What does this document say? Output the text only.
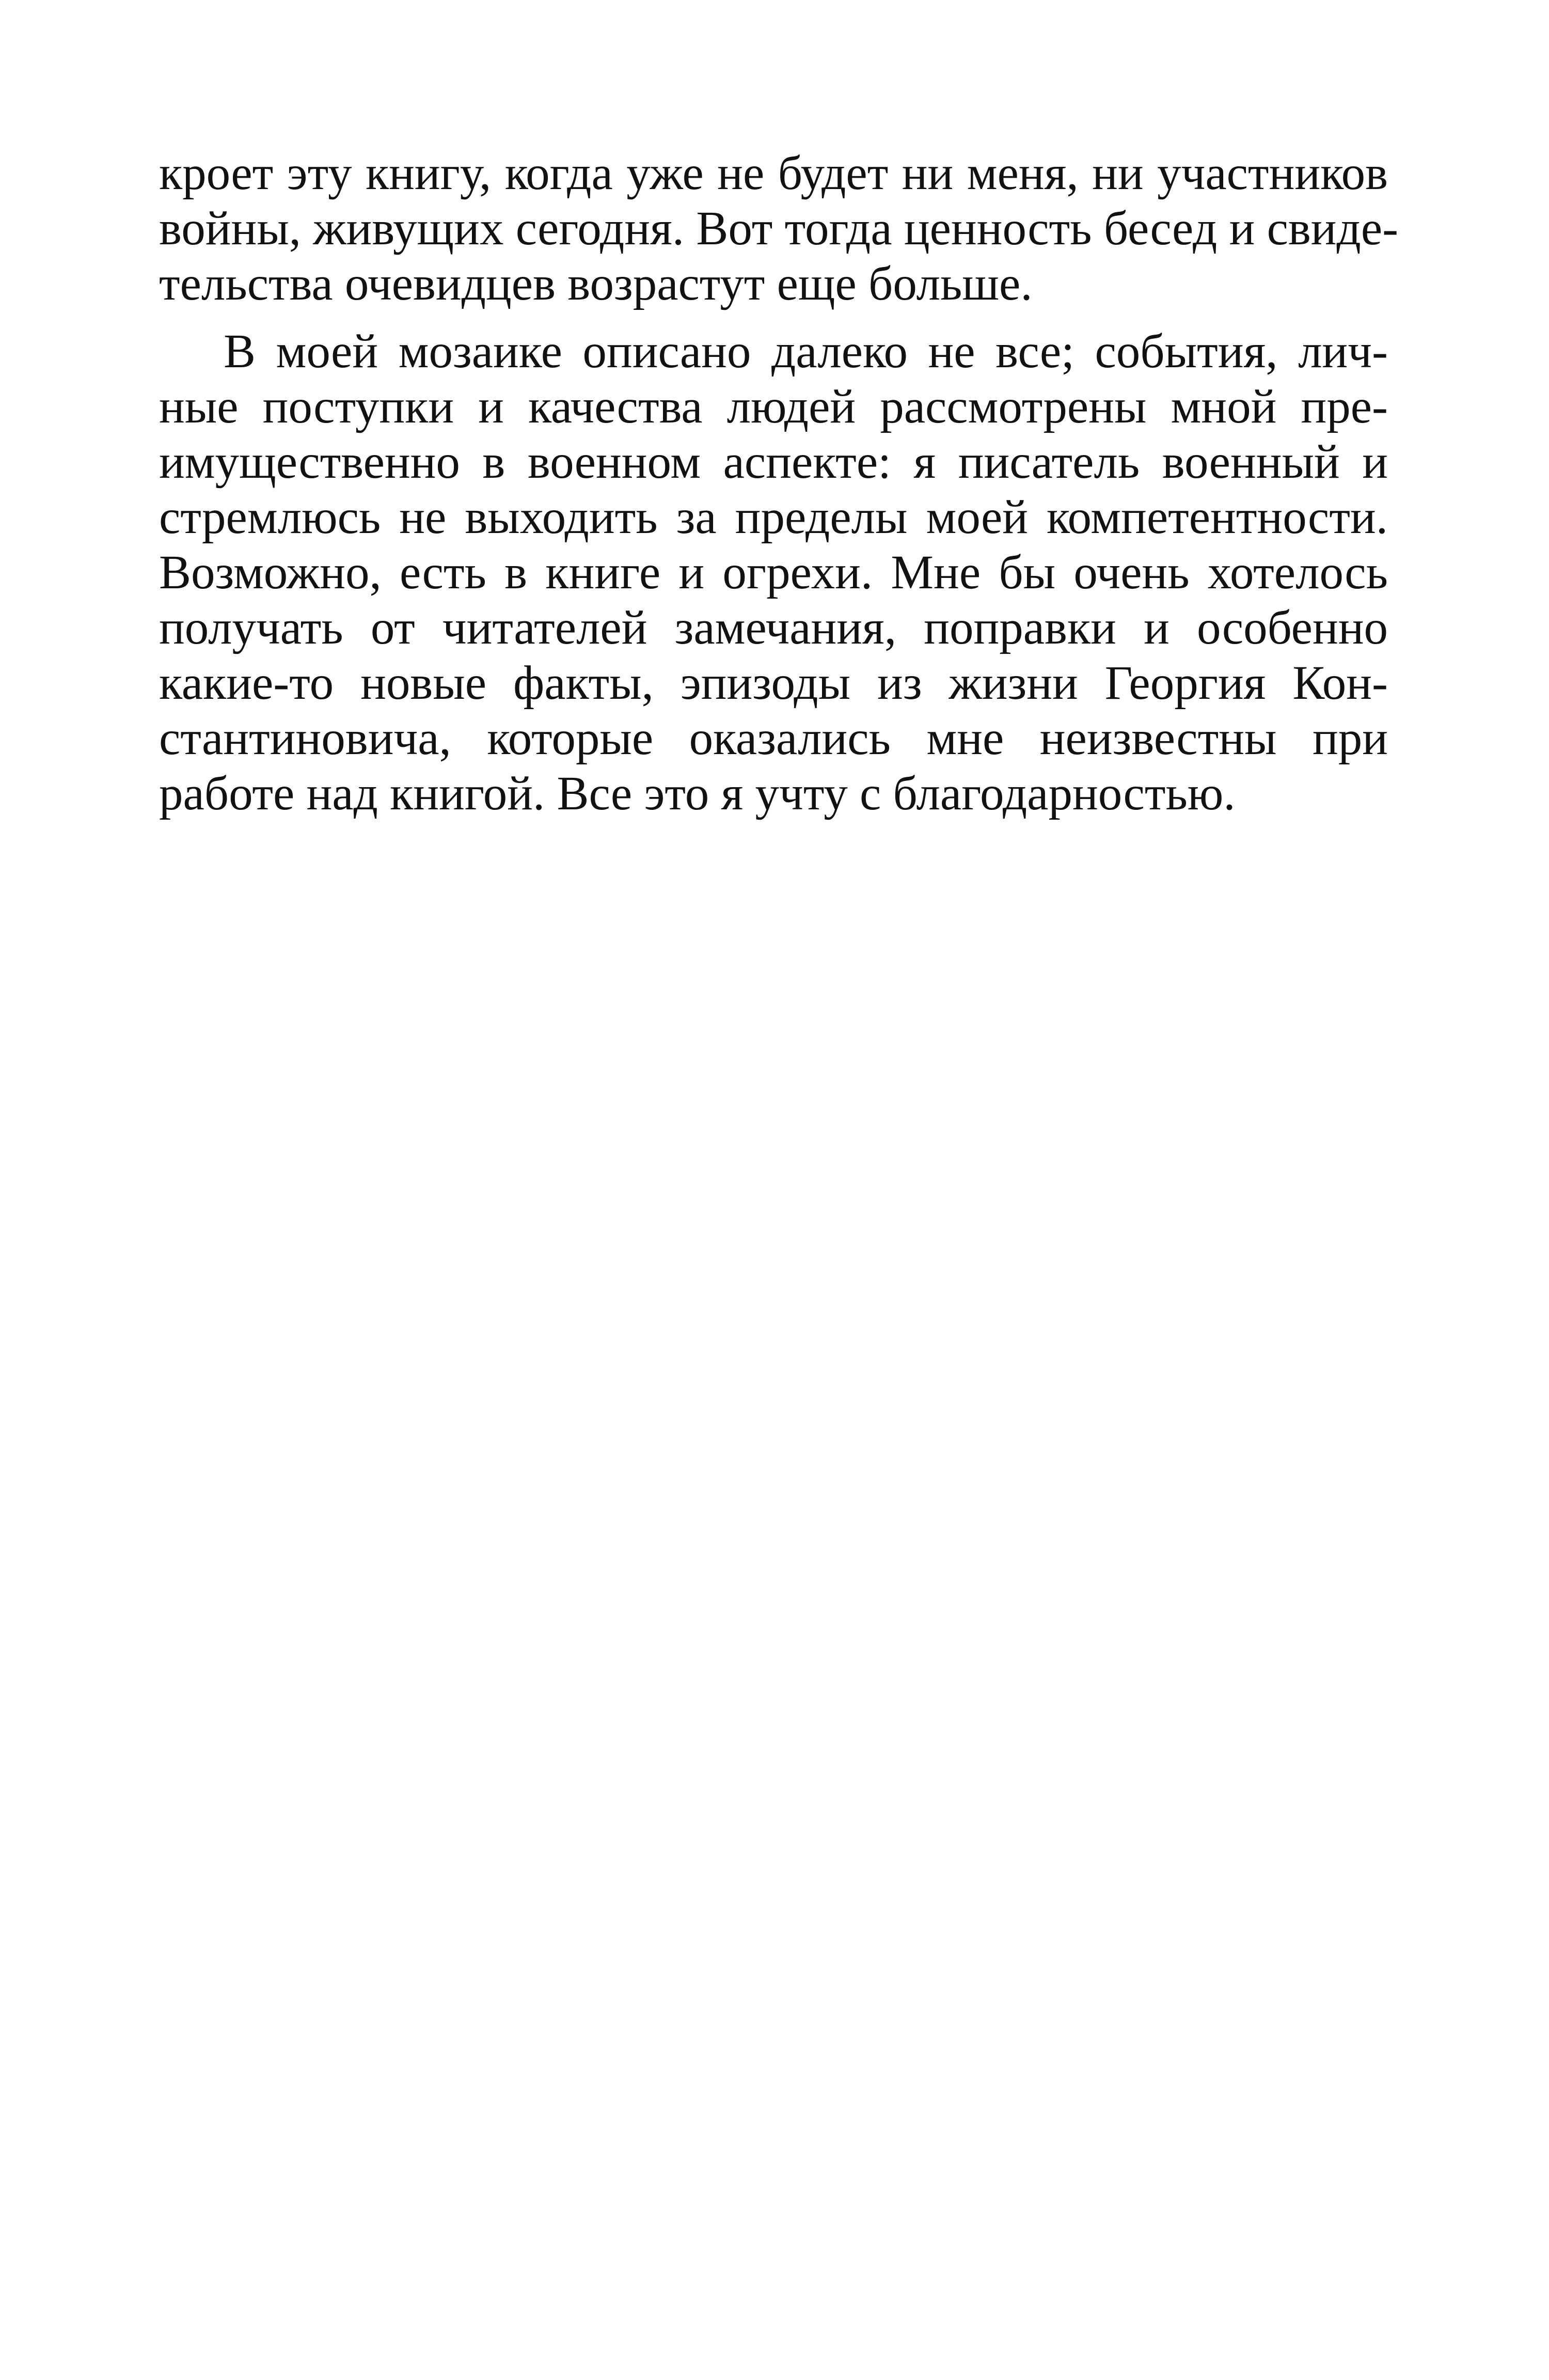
кроет эту книгу, когда уже не будет ни меня, ни участников
войны, живущих сегодня. Вот тогда ценность бесед и свиде-
тельства очевидцев возрастут еще больше.
В моей мозаике описано далеко не все; события, лич-
ные поступки и качества людей рассмотрены мной пре-
имущественно в военном аспекте: я писатель военный и
стремлюсь не выходить за пределы моей компетентности.
Возможно, есть в книге и огрехи. Мне бы очень хотелось
получать от читателей замечания, поправки и особенно
какие-то новые факты, эпизоды из жизни Георгия Кон-
стантиновича, которые оказались мне неизвестны при
работе над книгой. Все это я учту с благодарностью.
